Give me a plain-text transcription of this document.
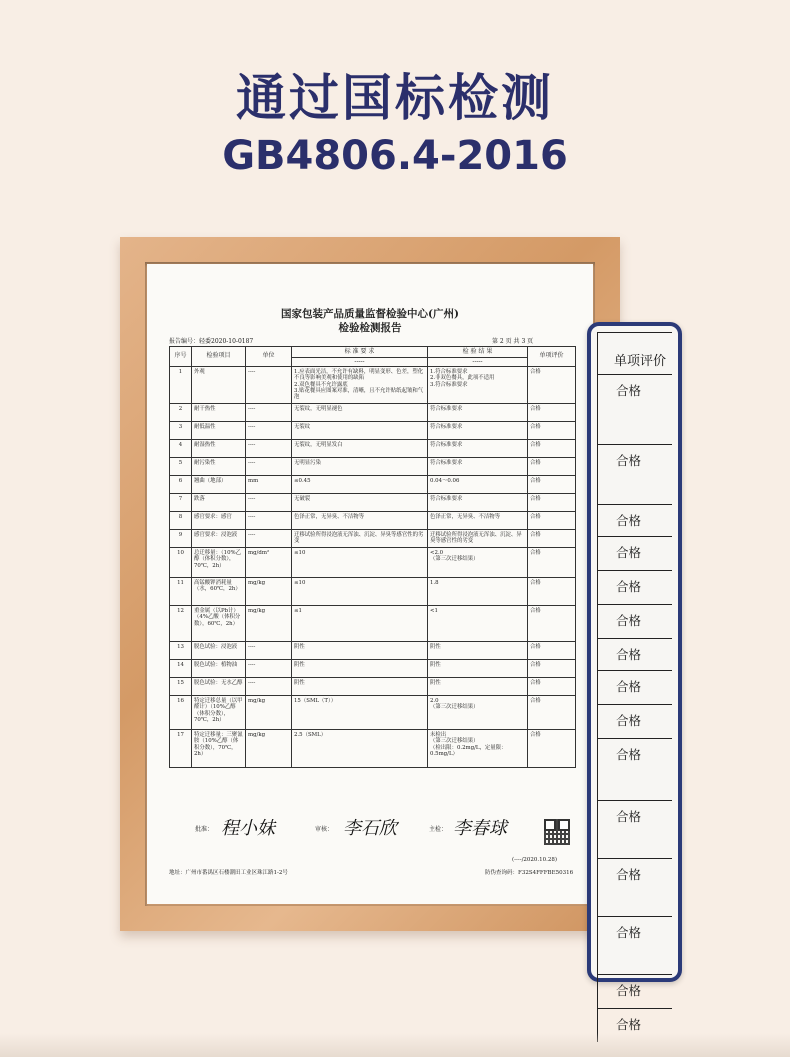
通过国标检测
GB4806.4-2016
国家包装产品质量监督检验中心(广州)
检验检测报告
报告编号：轻委2020-10-0187	第 2 页 共 3 页
序号	检验项目	单位	标 准 要 求
-----	检 验 结 果
-----	单项评价
1	外观	----	1.应表面光洁，不允许有缺料，明显变形、色差，塑化不良等影响美观和使用的缺陷
2.双色餐具不允许露底
3.贴花餐具应图案对准，清晰，且不允许贴纸起皱和气泡	1.符合标准要求
2.非双色餐具，此项不适用
3.符合标准要求	合格
2	耐干热性	----	无裂纹，无明显褪色	符合标准要求	合格
3	耐低温性	----	无裂纹	符合标准要求	合格
4	耐湿热性	----	无裂纹，无明显发白	符合标准要求	合格
5	耐污染性	----	无明显污染	符合标准要求	合格
6	翘曲（地部）	mm	≤0.45	0.04～0.06	合格
7	跌落	----	无破裂	符合标准要求	合格
8	感官要求：感官	----	色泽正常，无异臭、不洁物等	色泽正常，无异臭、不洁物等	合格
9	感官要求：浸泡液	----	迁移试验所得浸泡液无浑浊、沉淀、异臭等感官性的劣变	迁移试验所得浸泡液无浑浊、沉淀、异臭等感官性的劣变	合格
10	总迁移量：（10%乙醇（体积分数），70℃，2h）	mg/dm²	≤10	<2.0
（第三次迁移结果）	合格
11	高锰酸钾消耗量（水，60℃，2h）	mg/kg	≤10	1.8	合格
12	重金属（以Pb计）（4%乙酸（体积分数），60℃，2h）	mg/kg	≤1	<1	合格
13	脱色试验：浸泡液	----	阴性	阴性	合格
14	脱色试验：植物油	----	阴性	阴性	合格
15	脱色试验：无水乙醇	----	阴性	阴性	合格
16	特定迁移总量（以甲醛计）（10%乙醇（体积分数），70℃，2h）	mg/kg	15（SML（T））	2.0
（第三次迁移结果）	合格
17	特定迁移量：三聚氰胺（10%乙醇（体积分数），70℃，2h）	mg/kg	2.5（SML）	未检出
（第三次迁移结果）
（检出限：0.2mg/L，定量限：0.5mg/L）	合格
批准： 程小妹	审核： 李石欣	主检： 李春球
(----/2020.10.28)
地址：广州市番禺区石楼潮田工业区珠江路1-2号	防伪查询码：F32S4FFFBE50316
单项评价
合格
合格
合格
合格
合格
合格
合格
合格
合格
合格
合格
合格
合格
合格
合格
